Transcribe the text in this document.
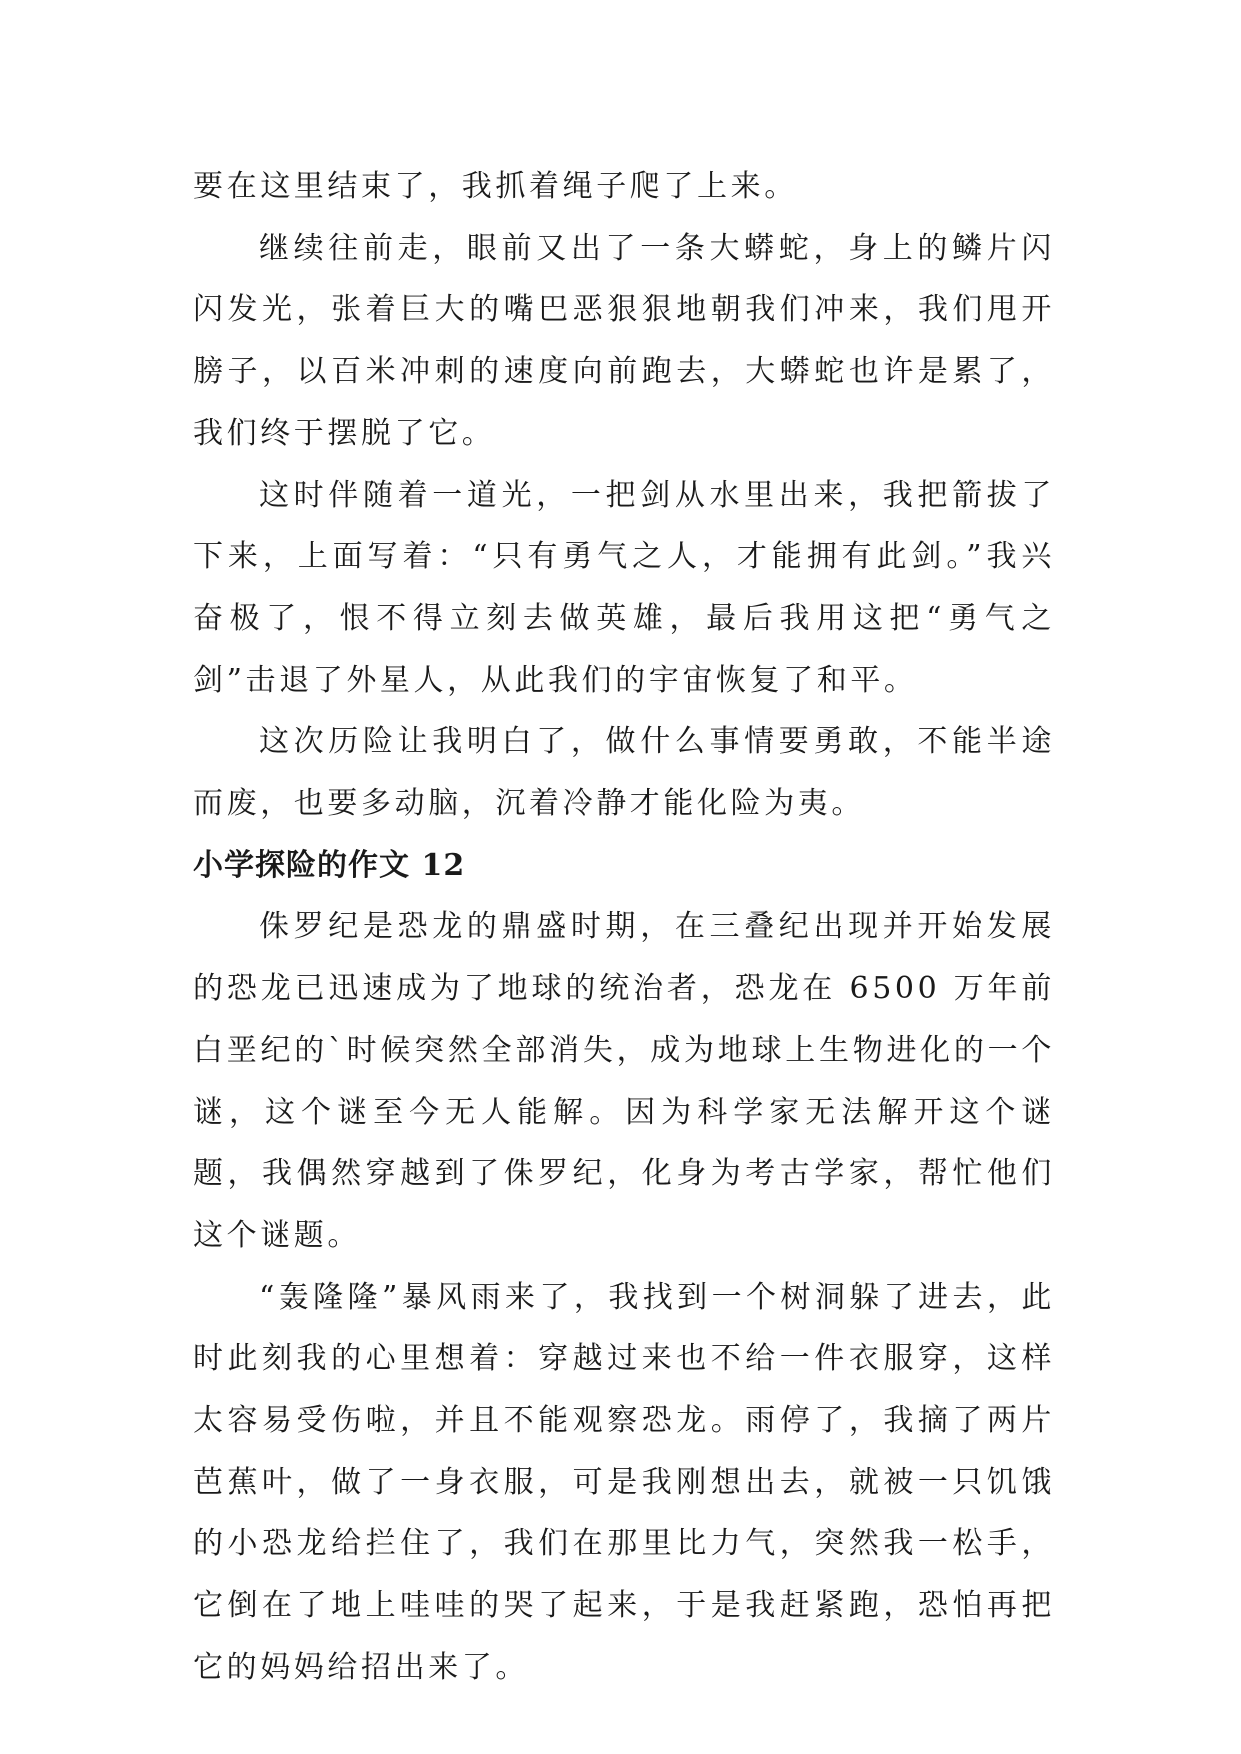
要在这里结束了，我抓着绳子爬了上来。

继续往前走，眼前又出了一条大蟒蛇，身上的鳞片闪闪发光，张着巨大的嘴巴恶狠狠地朝我们冲来，我们甩开膀子，以百米冲刺的速度向前跑去，大蟒蛇也许是累了，我们终于摆脱了它。

这时伴随着一道光，一把剑从水里出来，我把箭拔了下来，上面写着：“只有勇气之人，才能拥有此剑。”我兴奋极了，恨不得立刻去做英雄，最后我用这把“勇气之剑”击退了外星人，从此我们的宇宙恢复了和平。

这次历险让我明白了，做什么事情要勇敢，不能半途而废，也要多动脑，沉着冷静才能化险为夷。

小学探险的作文 12

侏罗纪是恐龙的鼎盛时期，在三叠纪出现并开始发展的恐龙已迅速成为了地球的统治者，恐龙在 6500 万年前白垩纪的`时候突然全部消失，成为地球上生物进化的一个谜，这个谜至今无人能解。因为科学家无法解开这个谜题，我偶然穿越到了侏罗纪，化身为考古学家，帮忙他们这个谜题。

“轰隆隆”暴风雨来了，我找到一个树洞躲了进去，此时此刻我的心里想着：穿越过来也不给一件衣服穿，这样太容易受伤啦，并且不能观察恐龙。雨停了，我摘了两片芭蕉叶，做了一身衣服，可是我刚想出去，就被一只饥饿的小恐龙给拦住了，我们在那里比力气，突然我一松手，它倒在了地上哇哇的哭了起来，于是我赶紧跑，恐怕再把它的妈妈给招出来了。
